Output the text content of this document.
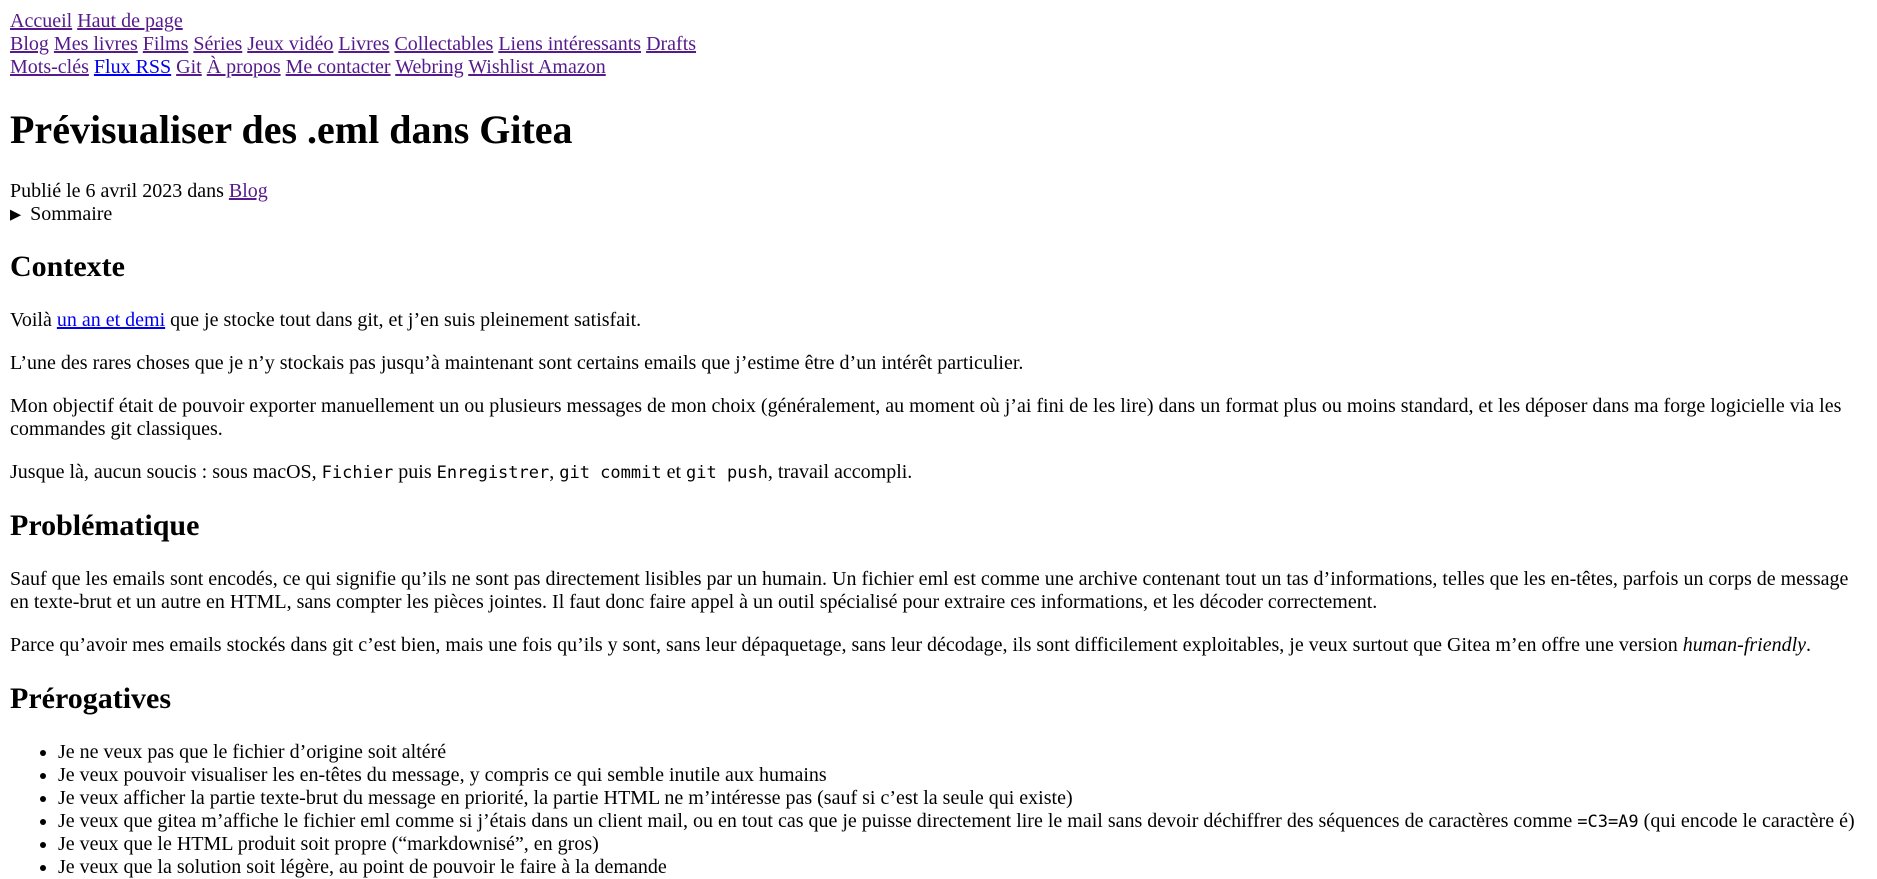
Accueil Haut de page

Blog Mes livres Films Séries Jeux vidéo Livres Collectables Liens intéressants Drafts

Mots-clés Flux RSS Git À propos Me contacter Webring Wishlist Amazon

Prévisualiser des .eml dans Gitea

Publié le 6 avril 2023 dans Blog

▶ Sommaire
Contexte

Voilà un an et demi que je stocke tout dans git, et j’en suis pleinement satisfait.

L’une des rares choses que je n’y stockais pas jusqu’à maintenant sont certains emails que j’estime être d’un intérêt particulier.

Mon objectif était de pouvoir exporter manuellement un ou plusieurs messages de mon choix (généralement, au moment où j’ai fini de les lire) dans un format plus ou moins standard, et les déposer dans ma forge logicielle via les commandes git classiques.

Jusque là, aucun soucis : sous macOS, Fichier puis Enregistrer, git commit et git push, travail accompli.

Problématique

Sauf que les emails sont encodés, ce qui signifie qu’ils ne sont pas directement lisibles par un humain. Un fichier eml est comme une archive contenant tout un tas d’informations, telles que les en-têtes, parfois un corps de message en texte-brut et un autre en HTML, sans compter les pièces jointes. Il faut donc faire appel à un outil spécialisé pour extraire ces informations, et les décoder correctement.

Parce qu’avoir mes emails stockés dans git c’est bien, mais une fois qu’ils y sont, sans leur dépaquetage, sans leur décodage, ils sont difficilement exploitables, je veux surtout que Gitea m’en offre une version human-friendly.

Prérogatives
• Je ne veux pas que le fichier d’origine soit altéré
• Je veux pouvoir visualiser les en-têtes du message, y compris ce qui semble inutile aux humains
• Je veux afficher la partie texte-brut du message en priorité, la partie HTML ne m’intéresse pas (sauf si c’est la seule qui existe)
• Je veux que gitea m’affiche le fichier eml comme si j’étais dans un client mail, ou en tout cas que je puisse directement lire le mail sans devoir déchiffrer des séquences de caractères comme =C3=A9 (qui encode le caractère é)
• Je veux que le HTML produit soit propre (“markdownisé”, en gros)
• Je veux que la solution soit légère, au point de pouvoir le faire à la demande
